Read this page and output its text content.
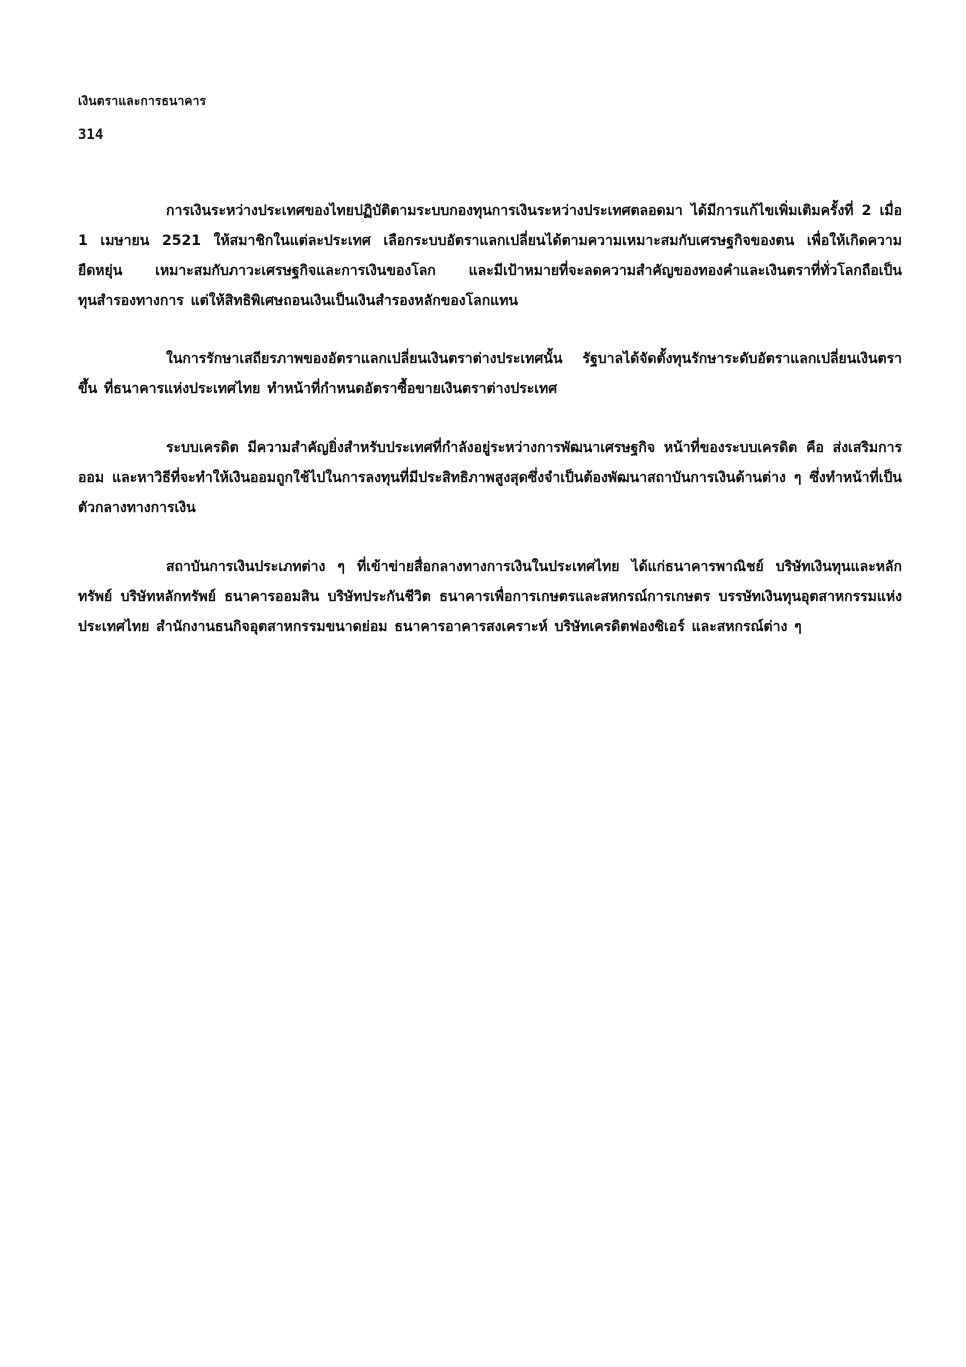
เงินตราและการธนาคาร
314

การเงินระหว่างประเทศของไทยปฏิบัติตามระบบกองทุนการเงินระหว่างประเทศตลอดมา ได้มีการแก้ไขเพิ่มเติมครั้งที่ 2 เมื่อ 1 เมษายน 2521 ให้สมาชิกในแต่ละประเทศ เลือกระบบอัตราแลกเปลี่ยนได้ตามความเหมาะสมกับเศรษฐกิจของตน เพื่อให้เกิดความยืดหยุ่น เหมาะสมกับภาวะเศรษฐกิจและการเงินของโลก และมีเป้าหมายที่จะลดความสำคัญของทองคำและเงินตราที่ทั่วโลกถือเป็นทุนสำรองทางการ แต่ให้สิทธิพิเศษถอนเงินเป็นเงินสำรองหลักของโลกแทน

ในการรักษาเสถียรภาพของอัตราแลกเปลี่ยนเงินตราต่างประเทศนั้น รัฐบาลได้จัดตั้งทุนรักษาระดับอัตราแลกเปลี่ยนเงินตราขึ้น ที่ธนาคารแห่งประเทศไทย ทำหน้าที่กำหนดอัตราซื้อขายเงินตราต่างประเทศ

ระบบเครดิต มีความสำคัญยิ่งสำหรับประเทศที่กำลังอยู่ระหว่างการพัฒนาเศรษฐกิจ หน้าที่ของระบบเครดิต คือ ส่งเสริมการออม และหาวิธีที่จะทำให้เงินออมถูกใช้ไปในการลงทุนที่มีประสิทธิภาพสูงสุดซึ่งจำเป็นต้องพัฒนาสถาบันการเงินด้านต่าง ๆ ซึ่งทำหน้าที่เป็นตัวกลางทางการเงิน

สถาบันการเงินประเภทต่าง ๆ ที่เข้าข่ายสื่อกลางทางการเงินในประเทศไทย ได้แก่ธนาคารพาณิชย์ บริษัทเงินทุนและหลักทรัพย์ บริษัทหลักทรัพย์ ธนาคารออมสิน บริษัทประกันชีวิต ธนาคารเพื่อการเกษตรและสหกรณ์การเกษตร บรรษัทเงินทุนอุตสาหกรรมแห่งประเทศไทย สำนักงานธนกิจอุตสาหกรรมขนาดย่อม ธนาคารอาคารสงเคราะห์ บริษัทเครดิตฟองซิเอร์ และสหกรณ์ต่าง ๆ
